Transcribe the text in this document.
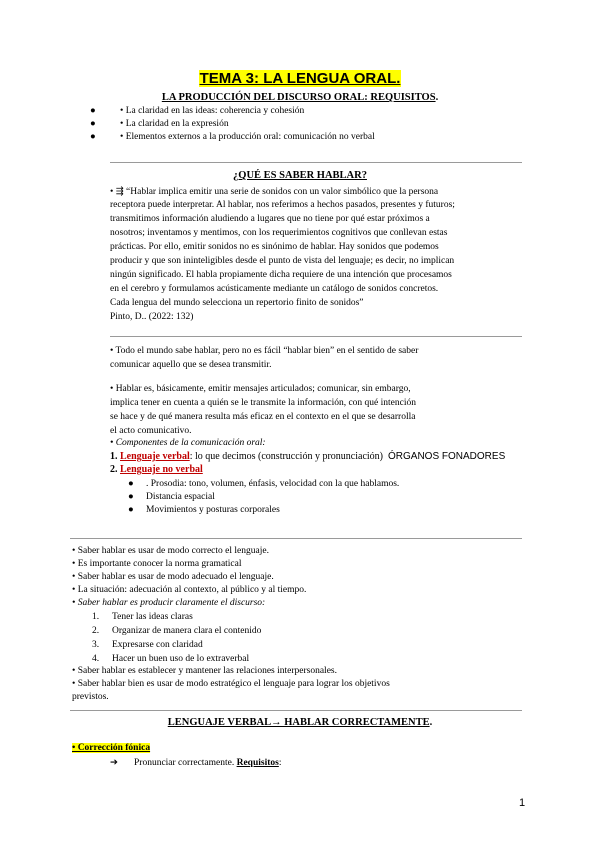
TEMA 3: LA LENGUA ORAL.
LA PRODUCCIÓN DEL DISCURSO ORAL: REQUISITOS.
●	• La claridad en las ideas: coherencia y cohesión
●	• La claridad en la expresión
●	• Elementos externos a la producción oral: comunicación no verbal
¿QUÉ ES SABER HABLAR?
• ⇶ “Hablar implica emitir una serie de sonidos con un valor simbólico que la persona
receptora puede interpretar. Al hablar, nos referimos a hechos pasados, presentes y futuros;
transmitimos información aludiendo a lugares que no tiene por qué estar próximos a
nosotros; inventamos y mentimos, con los requerimientos cognitivos que conllevan estas
prácticas. Por ello, emitir sonidos no es sinónimo de hablar. Hay sonidos que podemos
producir y que son ininteligibles desde el punto de vista del lenguaje; es decir, no implican
ningún significado. El habla propiamente dicha requiere de una intención que procesamos
en el cerebro y formulamos acústicamente mediante un catálogo de sonidos concretos.
Cada lengua del mundo selecciona un repertorio finito de sonidos”
Pinto, D.. (2022: 132)
• Todo el mundo sabe hablar, pero no es fácil “hablar bien” en el sentido de saber
comunicar aquello que se desea transmitir.
• Hablar es, básicamente, emitir mensajes articulados; comunicar, sin embargo,
implica tener en cuenta a quién se le transmite la información, con qué intención
se hace y de qué manera resulta más eficaz en el contexto en el que se desarrolla
el acto comunicativo.
• Componentes de la comunicación oral:
1. Lenguaje verbal: lo que decimos (construcción y pronunciación) ÓRGANOS FONADORES
2. Lenguaje no verbal
● . Prosodia: tono, volumen, énfasis, velocidad con la que hablamos.
● Distancia espacial
● Movimientos y posturas corporales
• Saber hablar es usar de modo correcto el lenguaje.
• Es importante conocer la norma gramatical
• Saber hablar es usar de modo adecuado el lenguaje.
• La situación: adecuación al contexto, al público y al tiempo.
• Saber hablar es producir claramente el discurso:
1. Tener las ideas claras
2. Organizar de manera clara el contenido
3. Expresarse con claridad
4. Hacer un buen uso de lo extraverbal
• Saber hablar es establecer y mantener las relaciones interpersonales.
• Saber hablar bien es usar de modo estratégico el lenguaje para lograr los objetivos
previstos.
LENGUAJE VERBAL→ HABLAR CORRECTAMENTE.
• Corrección fónica
➔ Pronunciar correctamente. Requisitos:
1
